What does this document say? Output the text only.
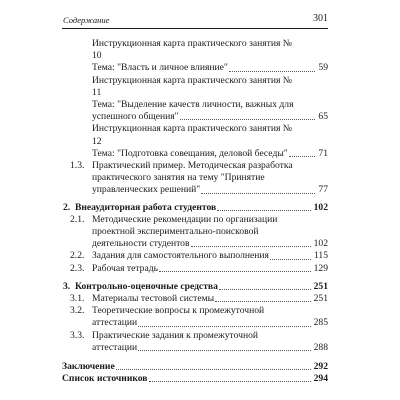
Содержание	301
Инструкционная карта практического занятия № 10
Тема: "Власть и личное влияние"	59
Инструкционная карта практического занятия № 11
Тема: "Выделение качеств личности, важных для
успешного общения"	65
Инструкционная карта практического занятия № 12
Тема: "Подготовка совещания, деловой беседы"	71
1.3. Практический пример. Методическая разработка
практического занятия на тему "Принятие
управленческих решений"	77
2. Внеаудиторная работа студентов	102
2.1. Методические рекомендации по организации
проектной экспериментально-поисковой
деятельности студентов	102
2.2. Задания для самостоятельного выполнения	115
2.3. Рабочая тетрадь	129
3. Контрольно-оценочные средства	251
3.1. Материалы тестовой системы	251
3.2. Теоретические вопросы к промежуточной
аттестации	285
3.3. Практические задания к промежуточной
аттестации	288
Заключение	292
Список источников	294
